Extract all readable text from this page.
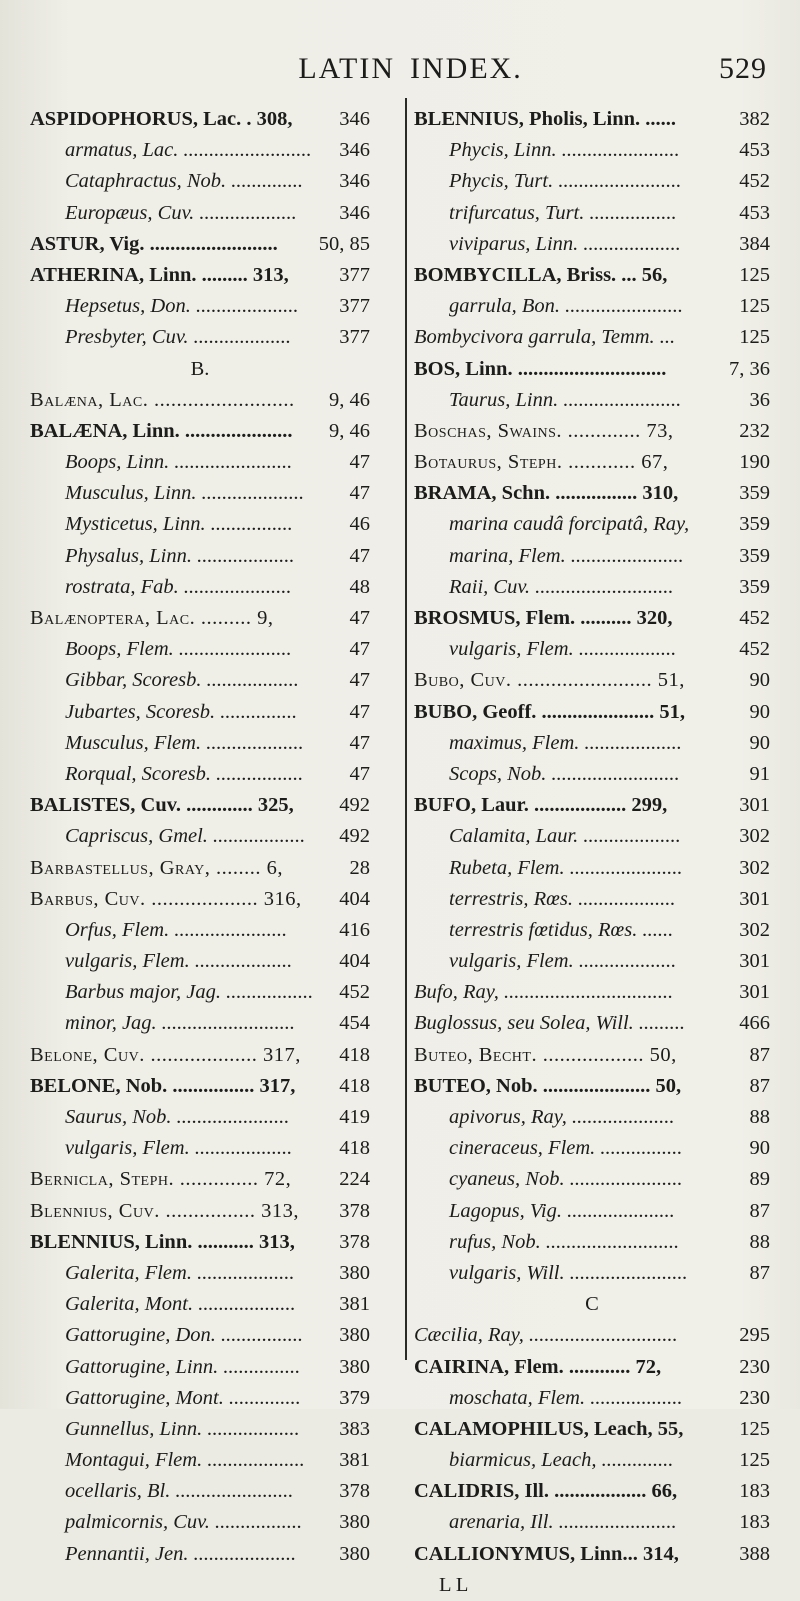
LATIN INDEX.	529
ASPIDOPHORUS, Lac. . 308, 346
armatus, Lac. ......................... 346
Cataphractus, Nob. .............. 346
Europæus, Cuv. ................... 346
ASTUR, Vig. ......................... 50, 85
ATHERINA, Linn. ......... 313, 377
Hepsetus, Don. .................... 377
Presbyter, Cuv. ................... 377
B.
Balæna, Lac. ......................... 9, 46
BALÆNA, Linn. ..................... 9, 46
Boops, Linn. .......................	47
Musculus, Linn. .................... 47
Mysticetus, Linn. ................	46
Physalus, Linn. ...................	47
rostrata, Fab. .....................	48
Balænoptera, Lac. ......... 9,	47
Boops, Flem. ......................	47
Gibbar, Scoresb. .................. 47
Jubartes, Scoresb. ...............	47
Musculus, Flem. ................... 47
Rorqual, Scoresb. ................. 47
BALISTES, Cuv. ............. 325, 492
Capriscus, Gmel. .................. 492
Barbastellus, Gray, ........ 6,	28
Barbus, Cuv. ................... 316, 404
Orfus, Flem. ......................	416
vulgaris, Flem. ................... 404
Barbus major, Jag. ................. 452
minor, Jag. .......................... 454
Belone, Cuv. ................... 317, 418
BELONE, Nob. ................ 317, 418
Saurus, Nob. ...................... 419
vulgaris, Flem. ................... 418
Bernicla, Steph. .............. 72, 224
Blennius, Cuv. ................ 313, 378
BLENNIUS, Linn. ........... 313, 378
Galerita, Flem. ................... 380
Galerita, Mont. ................... 381
Gattorugine, Don. ................ 380
Gattorugine, Linn. ............... 380
Gattorugine, Mont. .............. 379
Gunnellus, Linn. .................. 383
Montagui, Flem. ................... 381
ocellaris, Bl. ....................... 378
palmicornis, Cuv. ................. 380
Pennantii, Jen. .................... 380
BLENNIUS, Pholis, Linn. ......	382
Phycis, Linn. .......................	453
Phycis, Turt. ........................	452
trifurcatus, Turt. .................	453
viviparus, Linn. ...................	384
BOMBYCILLA, Briss. ... 56,	125
garrula, Bon. .......................	125
Bombycivora garrula, Temm. ...	125
BOS, Linn. .............................	7, 36
Taurus, Linn. .......................	36
Boschas, Swains. ............. 73,	232
Botaurus, Steph. ............ 67,	190
BRAMA, Schn. ................ 310,	359
marina caudâ forcipatâ, Ray, 359
marina, Flem. ......................	359
Raii, Cuv. ...........................	359
BROSMUS, Flem. .......... 320,	452
vulgaris, Flem. ...................	452
Bubo, Cuv. ........................ 51,	90
BUBO, Geoff. ...................... 51,	90
maximus, Flem. ...................	90
Scops, Nob. .........................	91
BUFO, Laur. .................. 299,	301
Calamita, Laur. ...................	302
Rubeta, Flem. ......................	302
terrestris, Rœs. ...................	301
terrestris fœtidus, Rœs. ......	302
vulgaris, Flem. ...................	301
Bufo, Ray, .................................	301
Buglossus, seu Solea, Will. .........	466
Buteo, Becht. .................. 50,	87
BUTEO, Nob. ..................... 50,	87
apivorus, Ray, ....................	88
cineraceus, Flem. ................	90
cyaneus, Nob. ......................	89
Lagopus, Vig. .....................	87
rufus, Nob. ..........................	88
vulgaris, Will. .......................	87
C
Cæcilia, Ray, .............................	295
CAIRINA, Flem. ............ 72,	230
moschata, Flem. ..................	230
CALAMOPHILUS, Leach, 55,	125
biarmicus, Leach, ..............	125
CALIDRIS, Ill. .................. 66,	183
arenaria, Ill. .......................	183
CALLIONYMUS, Linn... 314,	388
L L
